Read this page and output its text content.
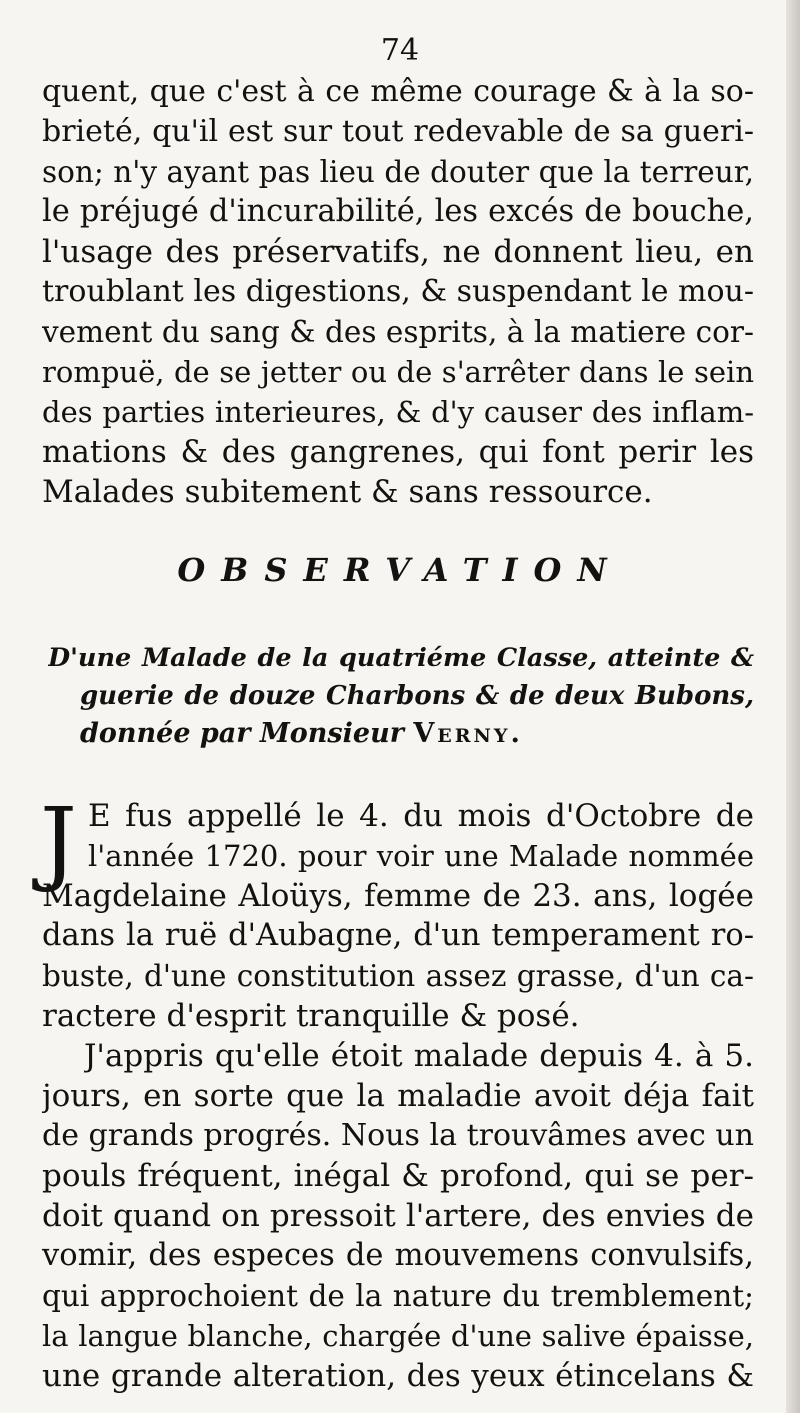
74
quent, que c'est à ce même courage & à la so-
brieté, qu'il est sur tout redevable de sa gueri-
son; n'y ayant pas lieu de douter que la terreur,
le préjugé d'incurabilité, les excés de bouche,
l'usage des préservatifs, ne donnent lieu, en
troublant les digestions, & suspendant le mou-
vement du sang & des esprits, à la matiere cor-
rompuë, de se jetter ou de s'arrêter dans le sein
des parties interieures, & d'y causer des inflam-
mations & des gangrenes, qui font perir les
Malades subitement & sans ressource.
OBSERVATION
D'une Malade de la quatriéme Classe, atteinte &
guerie de douze Charbons & de deux Bubons,
donnée par Monsieur Verny.
J E fus appellé le 4. du mois d'Octobre de
l'année 1720. pour voir une Malade nommée
Magdelaine Aloüys, femme de 23. ans, logée
dans la ruë d'Aubagne, d'un temperament ro-
buste, d'une constitution assez grasse, d'un ca-
ractere d'esprit tranquille & posé.
J'appris qu'elle étoit malade depuis 4. à 5.
jours, en sorte que la maladie avoit déja fait
de grands progrés. Nous la trouvâmes avec un
pouls fréquent, inégal & profond, qui se per-
doit quand on pressoit l'artere, des envies de
vomir, des especes de mouvemens convulsifs,
qui approchoient de la nature du tremblement;
la langue blanche, chargée d'une salive épaisse,
une grande alteration, des yeux étincelans &
